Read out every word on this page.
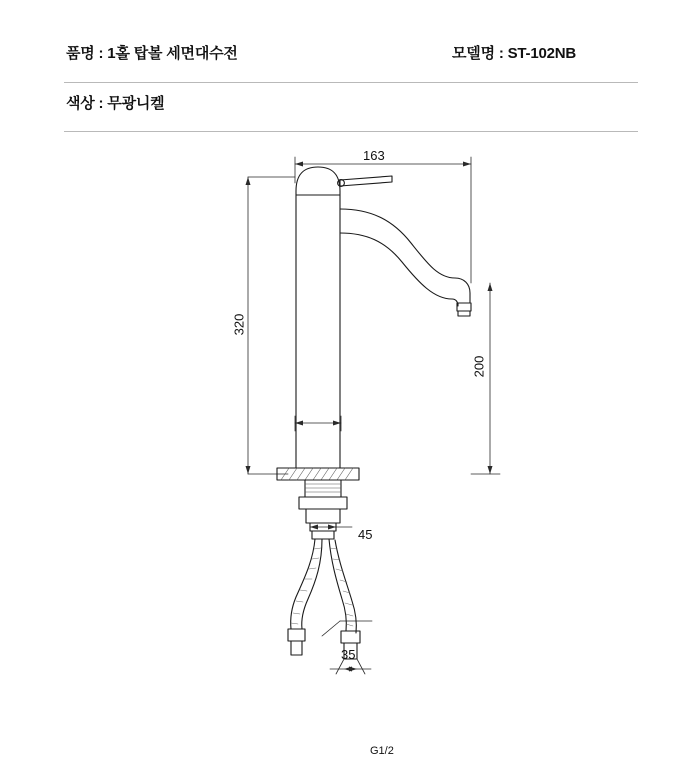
품명 : 1홀 탑볼 세면대수전	모델명 : ST-102NB
색상 : 무광니켈
163
320
200
45
35
G1/2
